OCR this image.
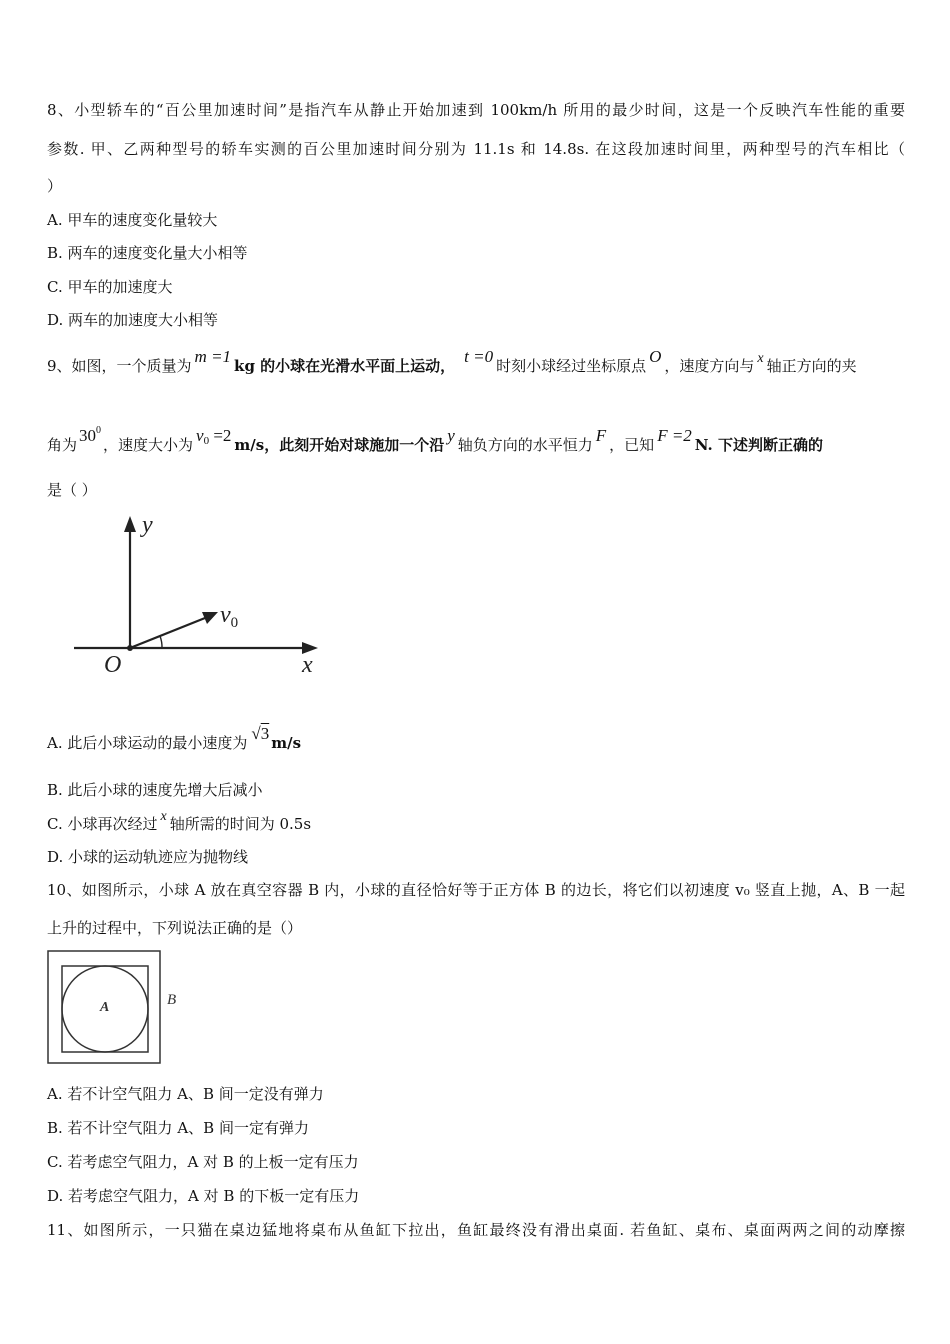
8、小型轿车的“百公里加速时间”是指汽车从静止开始加速到 100km/h 所用的最少时间，这是一个反映汽车性能的重要
参数. 甲、乙两种型号的轿车实测的百公里加速时间分别为 11.1s 和 14.8s. 在这段加速时间里，两种型号的汽车相比（
）
A. 甲车的速度变化量较大
B. 两车的速度变化量大小相等
C. 甲车的加速度大
D. 两车的加速度大小相等
9、如图，一个质量为 m =1 kg 的小球在光滑水平面上运动， t =0 时刻小球经过坐标原点 O ，速度方向与 x 轴正方向的夹
角为 $30^0$，速度大小为 $v_0 =2$ m/s，此刻开始对球施加一个沿 y 轴负方向的水平恒力 F ，已知 F =2 N. 下述判断正确的
是（ ）
y
$v_0$
O	x
A. 此后小球运动的最小速度为 √3 m/s
B. 此后小球的速度先增大后减小
C. 小球再次经过 x 轴所需的时间为 0.5s
D. 小球的运动轨迹应为抛物线
10、如图所示，小球 A 放在真空容器 B 内，小球的直径恰好等于正方体 B 的边长，将它们以初速度 v₀ 竖直上抛，A、B 一起
上升的过程中，下列说法正确的是（）
A	B
A. 若不计空气阻力 A、B 间一定没有弹力
B. 若不计空气阻力 A、B 间一定有弹力
C. 若考虑空气阻力，A 对 B 的上板一定有压力
D. 若考虑空气阻力，A 对 B 的下板一定有压力
11、如图所示，一只猫在桌边猛地将桌布从鱼缸下拉出，鱼缸最终没有滑出桌面. 若鱼缸、桌布、桌面两两之间的动摩擦
